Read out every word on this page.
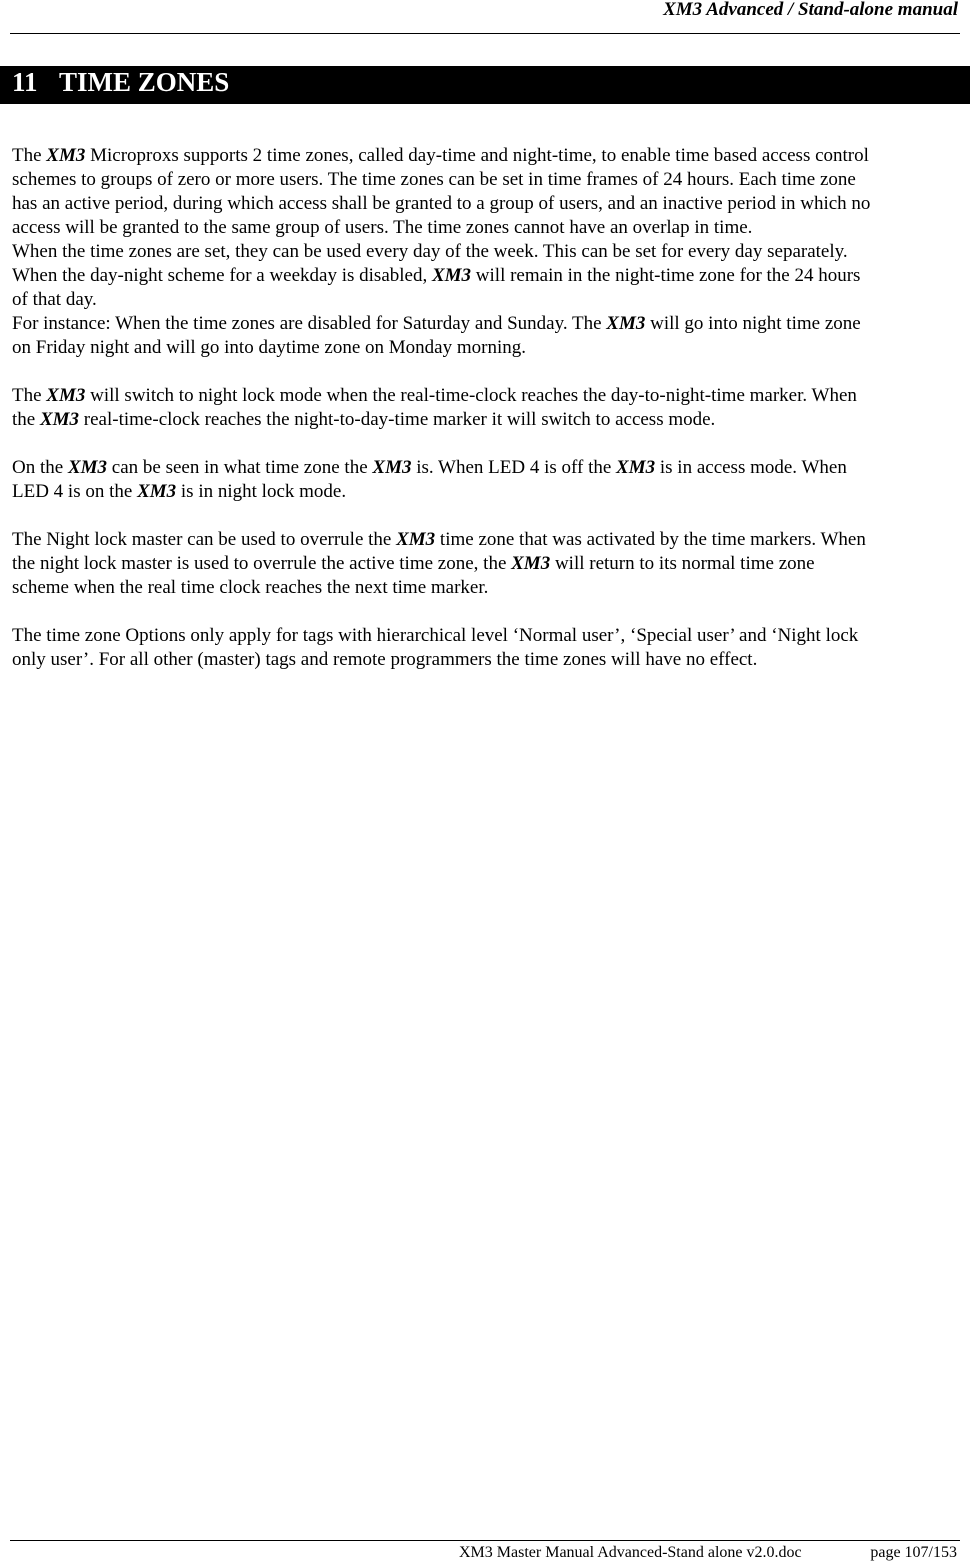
XM3 Advanced / Stand-alone manual
11 TIME ZONES

The XM3 Microproxs supports 2 time zones, called day-time and night-time, to enable time based access control
schemes to groups of zero or more users. The time zones can be set in time frames of 24 hours. Each time zone
has an active period, during which access shall be granted to a group of users, and an inactive period in which no
access will be granted to the same group of users. The time zones cannot have an overlap in time.
When the time zones are set, they can be used every day of the week. This can be set for every day separately.
When the day-night scheme for a weekday is disabled, XM3 will remain in the night-time zone for the 24 hours
of that day.
For instance: When the time zones are disabled for Saturday and Sunday. The XM3 will go into night time zone
on Friday night and will go into daytime zone on Monday morning.

The XM3 will switch to night lock mode when the real-time-clock reaches the day-to-night-time marker. When
the XM3 real-time-clock reaches the night-to-day-time marker it will switch to access mode.

On the XM3 can be seen in what time zone the XM3 is. When LED 4 is off the XM3 is in access mode. When
LED 4 is on the XM3 is in night lock mode.

The Night lock master can be used to overrule the XM3 time zone that was activated by the time markers. When
the night lock master is used to overrule the active time zone, the XM3 will return to its normal time zone
scheme when the real time clock reaches the next time marker.

The time zone Options only apply for tags with hierarchical level ‘Normal user’, ‘Special user’ and ‘Night lock
only user’. For all other (master) tags and remote programmers the time zones will have no effect.

XM3 Master Manual Advanced-Stand alone v2.0.doc	page 107/153
